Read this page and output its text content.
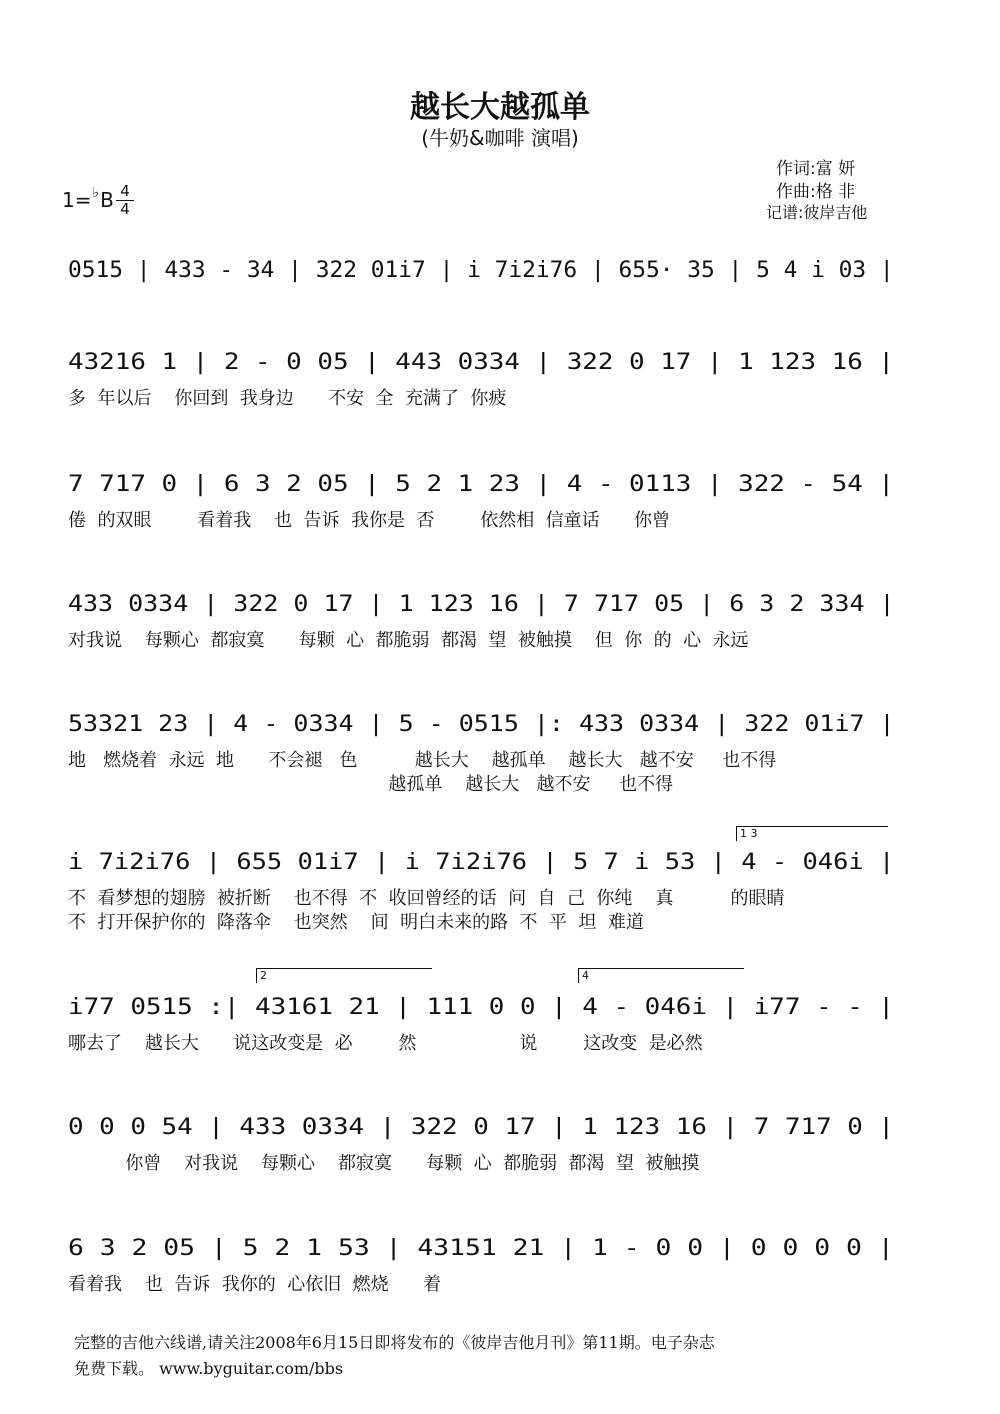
越长大越孤单
(牛奶&咖啡 演唱)
作词:富 妍
作曲:格 非
记谱:彼岸吉他
1=♭B 4
4
0515 | 433 - 34 | 322 01i7 | i 7i2i76 | 655· 35 | 5 4 i 03 |
43216 1 | 2 - 0 05 | 443 0334 | 322 0 17 | 1 123 16 |
多  年以后    你回到  我身边      不安  全  充满了  你疲
7 717 0 | 6 3 2 05 | 5 2 1 23 | 4 - 0113 | 322 - 54 |
倦  的双眼        看着我    也  告诉  我你是  否        依然相  信童话      你曾
433 0334 | 322 0 17 | 1 123 16 | 7 717 05 | 6 3 2 334 |
对我说    每颗心  都寂寞      每颗  心  都脆弱  都渴  望  被触摸    但  你  的  心  永远
53321 23 | 4 - 0334 | 5 - 0515 |: 433 0334 | 322 01i7 |
地   燃烧着  永远  地      不会褪   色          越长大    越孤单    越长大   越不安     也不得
越孤单    越长大   越不安     也不得
i 7i2i76 | 655 01i7 | i 7i2i76 | 5 7 i 53 | 4 - 046i |
不  看梦想的翅膀  被折断    也不得  不  收回曾经的话  问  自  己  你纯    真          的眼睛
不  打开保护你的  降落伞    也突然    间  明白未来的路  不  平  坦  难道
i77 0515 :| 43161 21 | 111 0 0 | 4 - 046i | i77 - - |
哪去了    越长大      说这改变是  必        然                  说        这改变  是必然
0 0 0 54 | 433 0334 | 322 0 17 | 1 123 16 | 7 717 0 |
你曾    对我说    每颗心    都寂寞      每颗  心  都脆弱  都渴  望  被触摸
6 3 2 05 | 5 2 1 53 | 43151 21 | 1 - 0 0 | 0 0 0 0 |
看着我    也  告诉  我你的  心依旧  燃烧      着
1 3
2	4
完整的吉他六线谱,请关注2008年6月15日即将发布的《彼岸吉他月刊》第11期。电子杂志
免费下载。 www.byguitar.com/bbs
